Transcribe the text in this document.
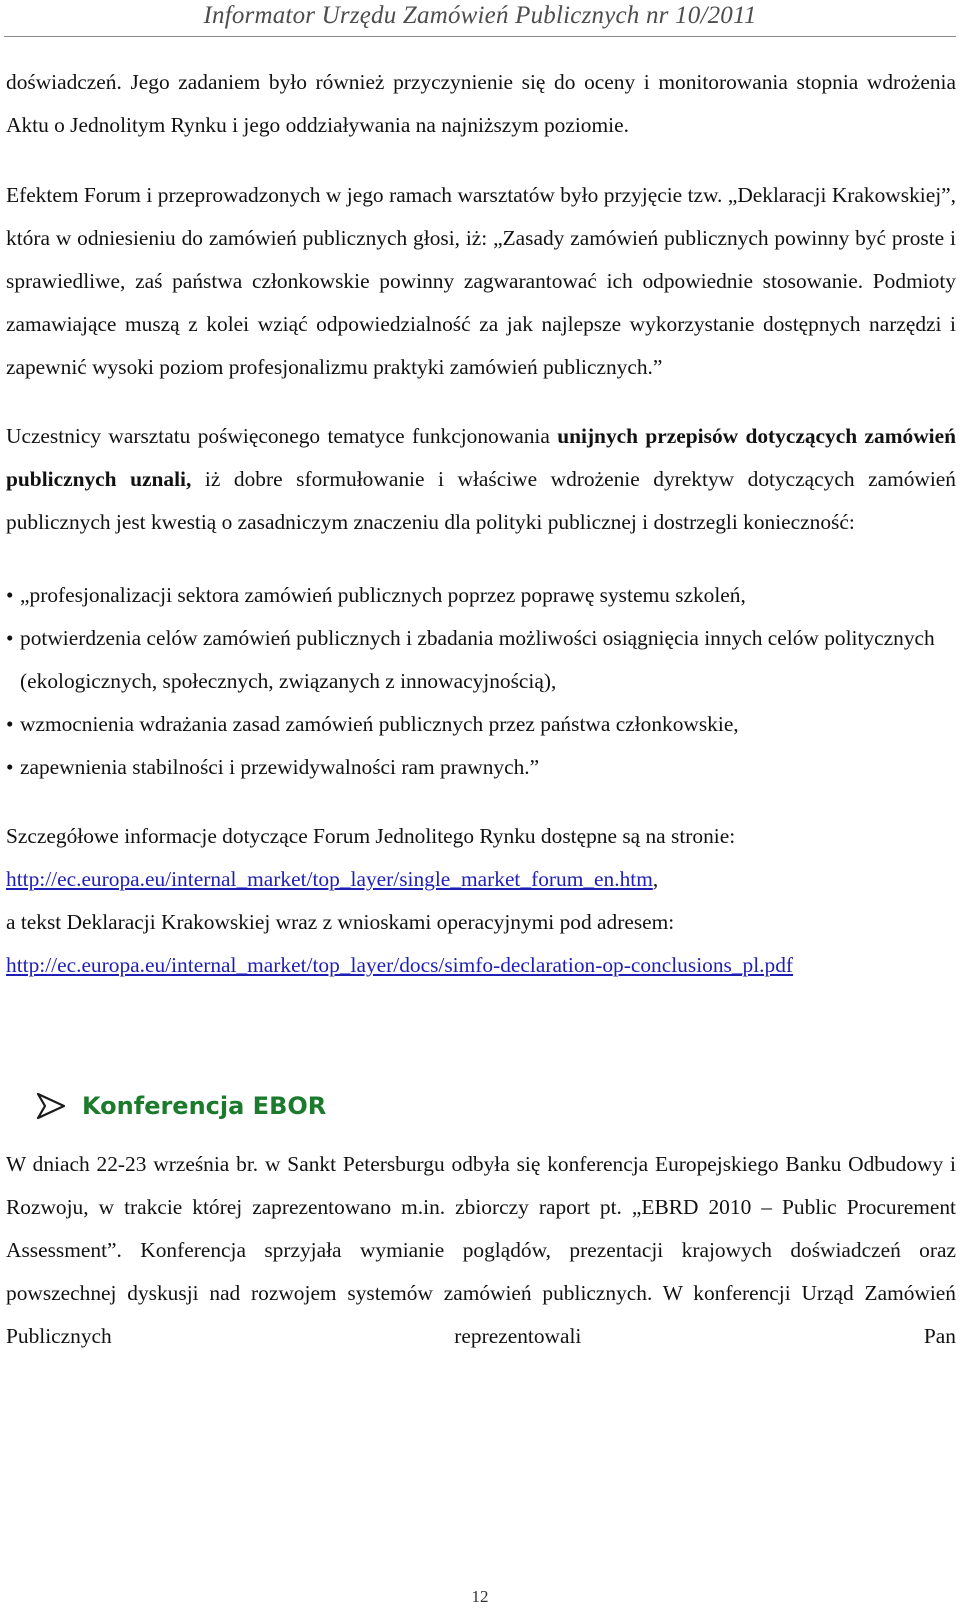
Informator Urzędu Zamówień Publicznych nr 10/2011

doświadczeń. Jego zadaniem było również przyczynienie się do oceny i monitorowania stopnia wdrożenia Aktu o Jednolitym Rynku i jego oddziaływania na najniższym poziomie.

Efektem Forum i przeprowadzonych w jego ramach warsztatów było przyjęcie tzw. „Deklaracji Krakowskiej”, która w odniesieniu do zamówień publicznych głosi, iż: „Zasady zamówień publicznych powinny być proste i sprawiedliwe, zaś państwa członkowskie powinny zagwarantować ich odpowiednie stosowanie. Podmioty zamawiające muszą z kolei wziąć odpowiedzialność za jak najlepsze wykorzystanie dostępnych narzędzi i zapewnić wysoki poziom profesjonalizmu praktyki zamówień publicznych.”

Uczestnicy warsztatu poświęconego tematyce funkcjonowania unijnych przepisów dotyczących zamówień publicznych uznali, iż dobre sformułowanie i właściwe wdrożenie dyrektyw dotyczących zamówień publicznych jest kwestią o zasadniczym znaczeniu dla polityki publicznej i dostrzegli konieczność:

• „profesjonalizacji sektora zamówień publicznych poprzez poprawę systemu szkoleń,
• potwierdzenia celów zamówień publicznych i zbadania możliwości osiągnięcia innych celów politycznych (ekologicznych, społecznych, związanych z innowacyjnością),
• wzmocnienia wdrażania zasad zamówień publicznych przez państwa członkowskie,
• zapewnienia stabilności i przewidywalności ram prawnych.”

Szczegółowe informacje dotyczące Forum Jednolitego Rynku dostępne są na stronie:

http://ec.europa.eu/internal_market/top_layer/single_market_forum_en.htm,

a tekst Deklaracji Krakowskiej wraz z wnioskami operacyjnymi pod adresem:

http://ec.europa.eu/internal_market/top_layer/docs/simfo-declaration-op-conclusions_pl.pdf

Konferencja EBOR

W dniach 22-23 września br. w Sankt Petersburgu odbyła się konferencja Europejskiego Banku Odbudowy i Rozwoju, w trakcie której zaprezentowano m.in. zbiorczy raport pt. „EBRD 2010 – Public Procurement Assessment”. Konferencja sprzyjała wymianie poglądów, prezentacji krajowych doświadczeń oraz powszechnej dyskusji nad rozwojem systemów zamówień publicznych. W konferencji Urząd Zamówień Publicznych reprezentowali Pan

12
